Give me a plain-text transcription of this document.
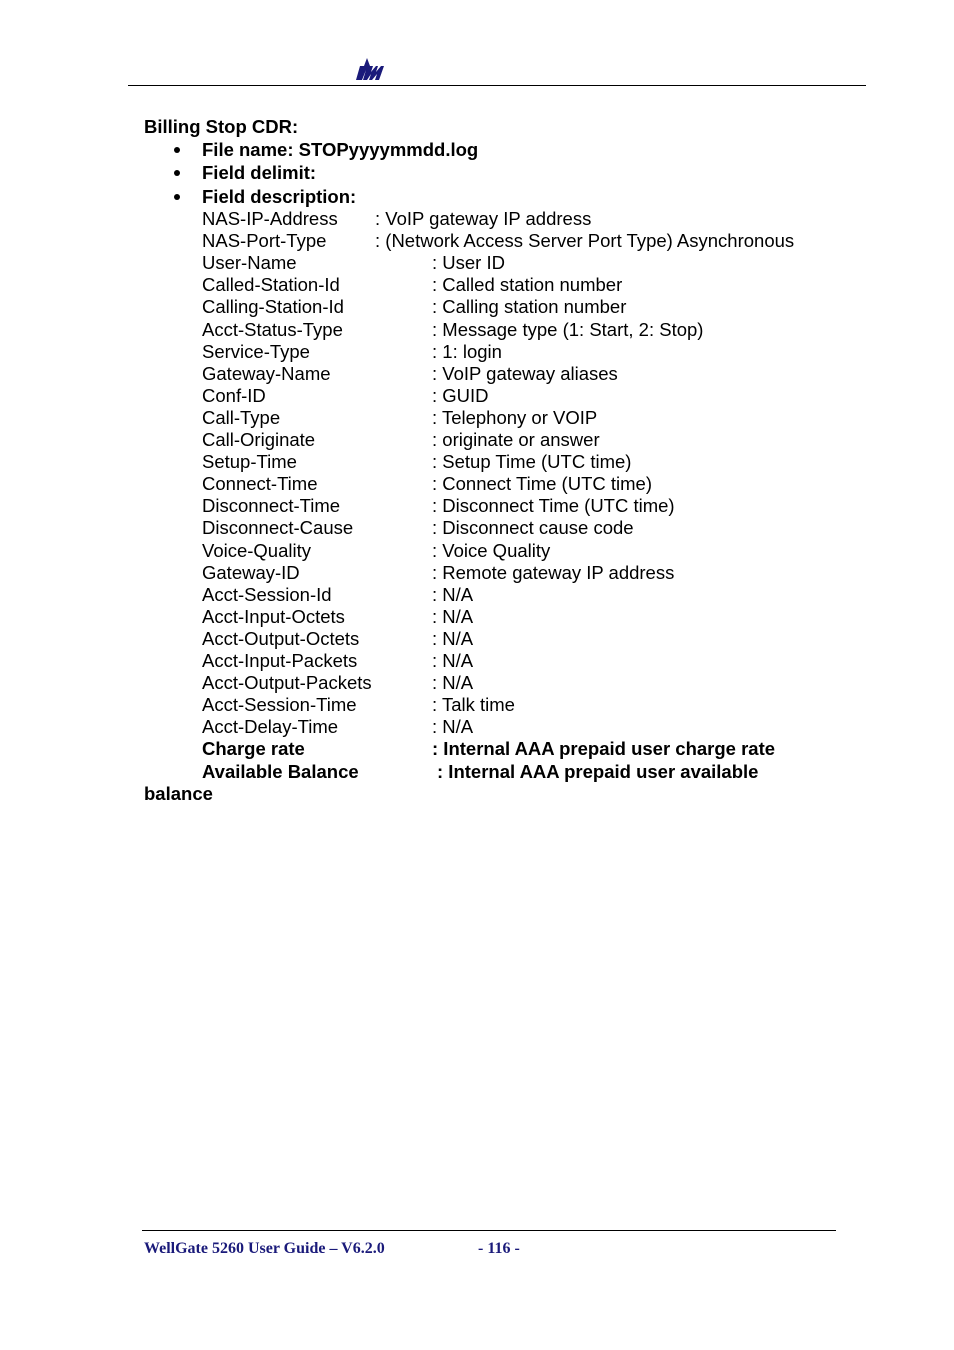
Billing Stop CDR:
File name: STOPyyyymmdd.log
Field delimit:
Field description:
NAS-IP-Address : VoIP gateway IP address
NAS-Port-Type	: (Network Access Server Port Type) Asynchronous
User-Name	: User ID
Called-Station-Id	: Called station number
Calling-Station-Id	: Calling station number
Acct-Status-Type	: Message type (1: Start, 2: Stop)
Service-Type	: 1: login
Gateway-Name	: VoIP gateway aliases
Conf-ID	: GUID
Call-Type	: Telephony or VOIP
Call-Originate	: originate or answer
Setup-Time	: Setup Time (UTC time)
Connect-Time	: Connect Time (UTC time)
Disconnect-Time	: Disconnect Time (UTC time)
Disconnect-Cause	: Disconnect cause code
Voice-Quality	: Voice Quality
Gateway-ID	: Remote gateway IP address
Acct-Session-Id	: N/A
Acct-Input-Octets	: N/A
Acct-Output-Octets	: N/A
Acct-Input-Packets	: N/A
Acct-Output-Packets	: N/A
Acct-Session-Time	: Talk time
Acct-Delay-Time	: N/A
Charge rate	: Internal AAA prepaid user charge rate
Available Balance	: Internal AAA prepaid user available
balance
WellGate 5260 User Guide – V6.2.0	- 116 -
